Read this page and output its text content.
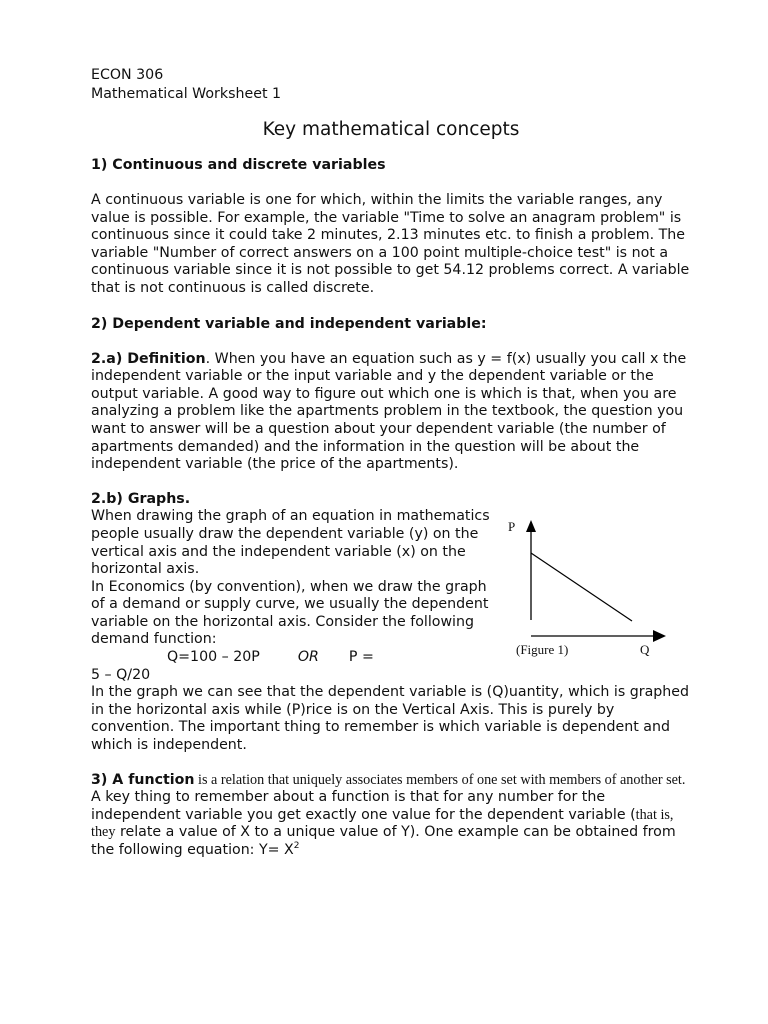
ECON 306

Mathematical Worksheet 1

Key mathematical concepts

1) Continuous and discrete variables

A continuous variable is one for which, within the limits the variable ranges, any value is possible. For example, the variable "Time to solve an anagram problem" is continuous since it could take 2 minutes, 2.13 minutes etc. to finish a problem. The variable "Number of correct answers on a 100 point multiple-choice test" is not a continuous variable since it is not possible to get 54.12 problems correct. A variable that is not continuous is called discrete.

2) Dependent variable and independent variable:

2.a) Definition. When you have an equation such as y = f(x) usually you call x the independent variable or the input variable and y the dependent variable or the output variable. A good way to figure out which one is which is that, when you are analyzing a problem like the apartments problem in the textbook, the question you want to answer will be a question about your dependent variable (the number of apartments demanded) and the information in the question will be about the independent variable (the price of the apartments).

2.b) Graphs.

When drawing the graph of an equation in mathematics people usually draw the dependent variable (y) on the vertical axis and the independent variable (x) on the horizontal axis.

In Economics (by convention), when we draw the graph of a demand or supply curve, we usually the dependent variable on the horizontal axis. Consider the following demand function:

Q=100 – 20P	OR P =

5 – Q/20

In the graph we can see that the dependent variable is (Q)uantity, which is graphed in the horizontal axis while (P)rice is on the Vertical Axis. This is purely by convention. The important thing to remember is which variable is dependent and which is independent.

3) A function is a relation that uniquely associates members of one set with members of another set. A key thing to remember about a function is that for any number for the independent variable you get exactly one value for the dependent variable (that is, they relate a value of X to a unique value of Y). One example can be obtained from the following equation: $Y= X^2$

P
(Figure 1)	Q
